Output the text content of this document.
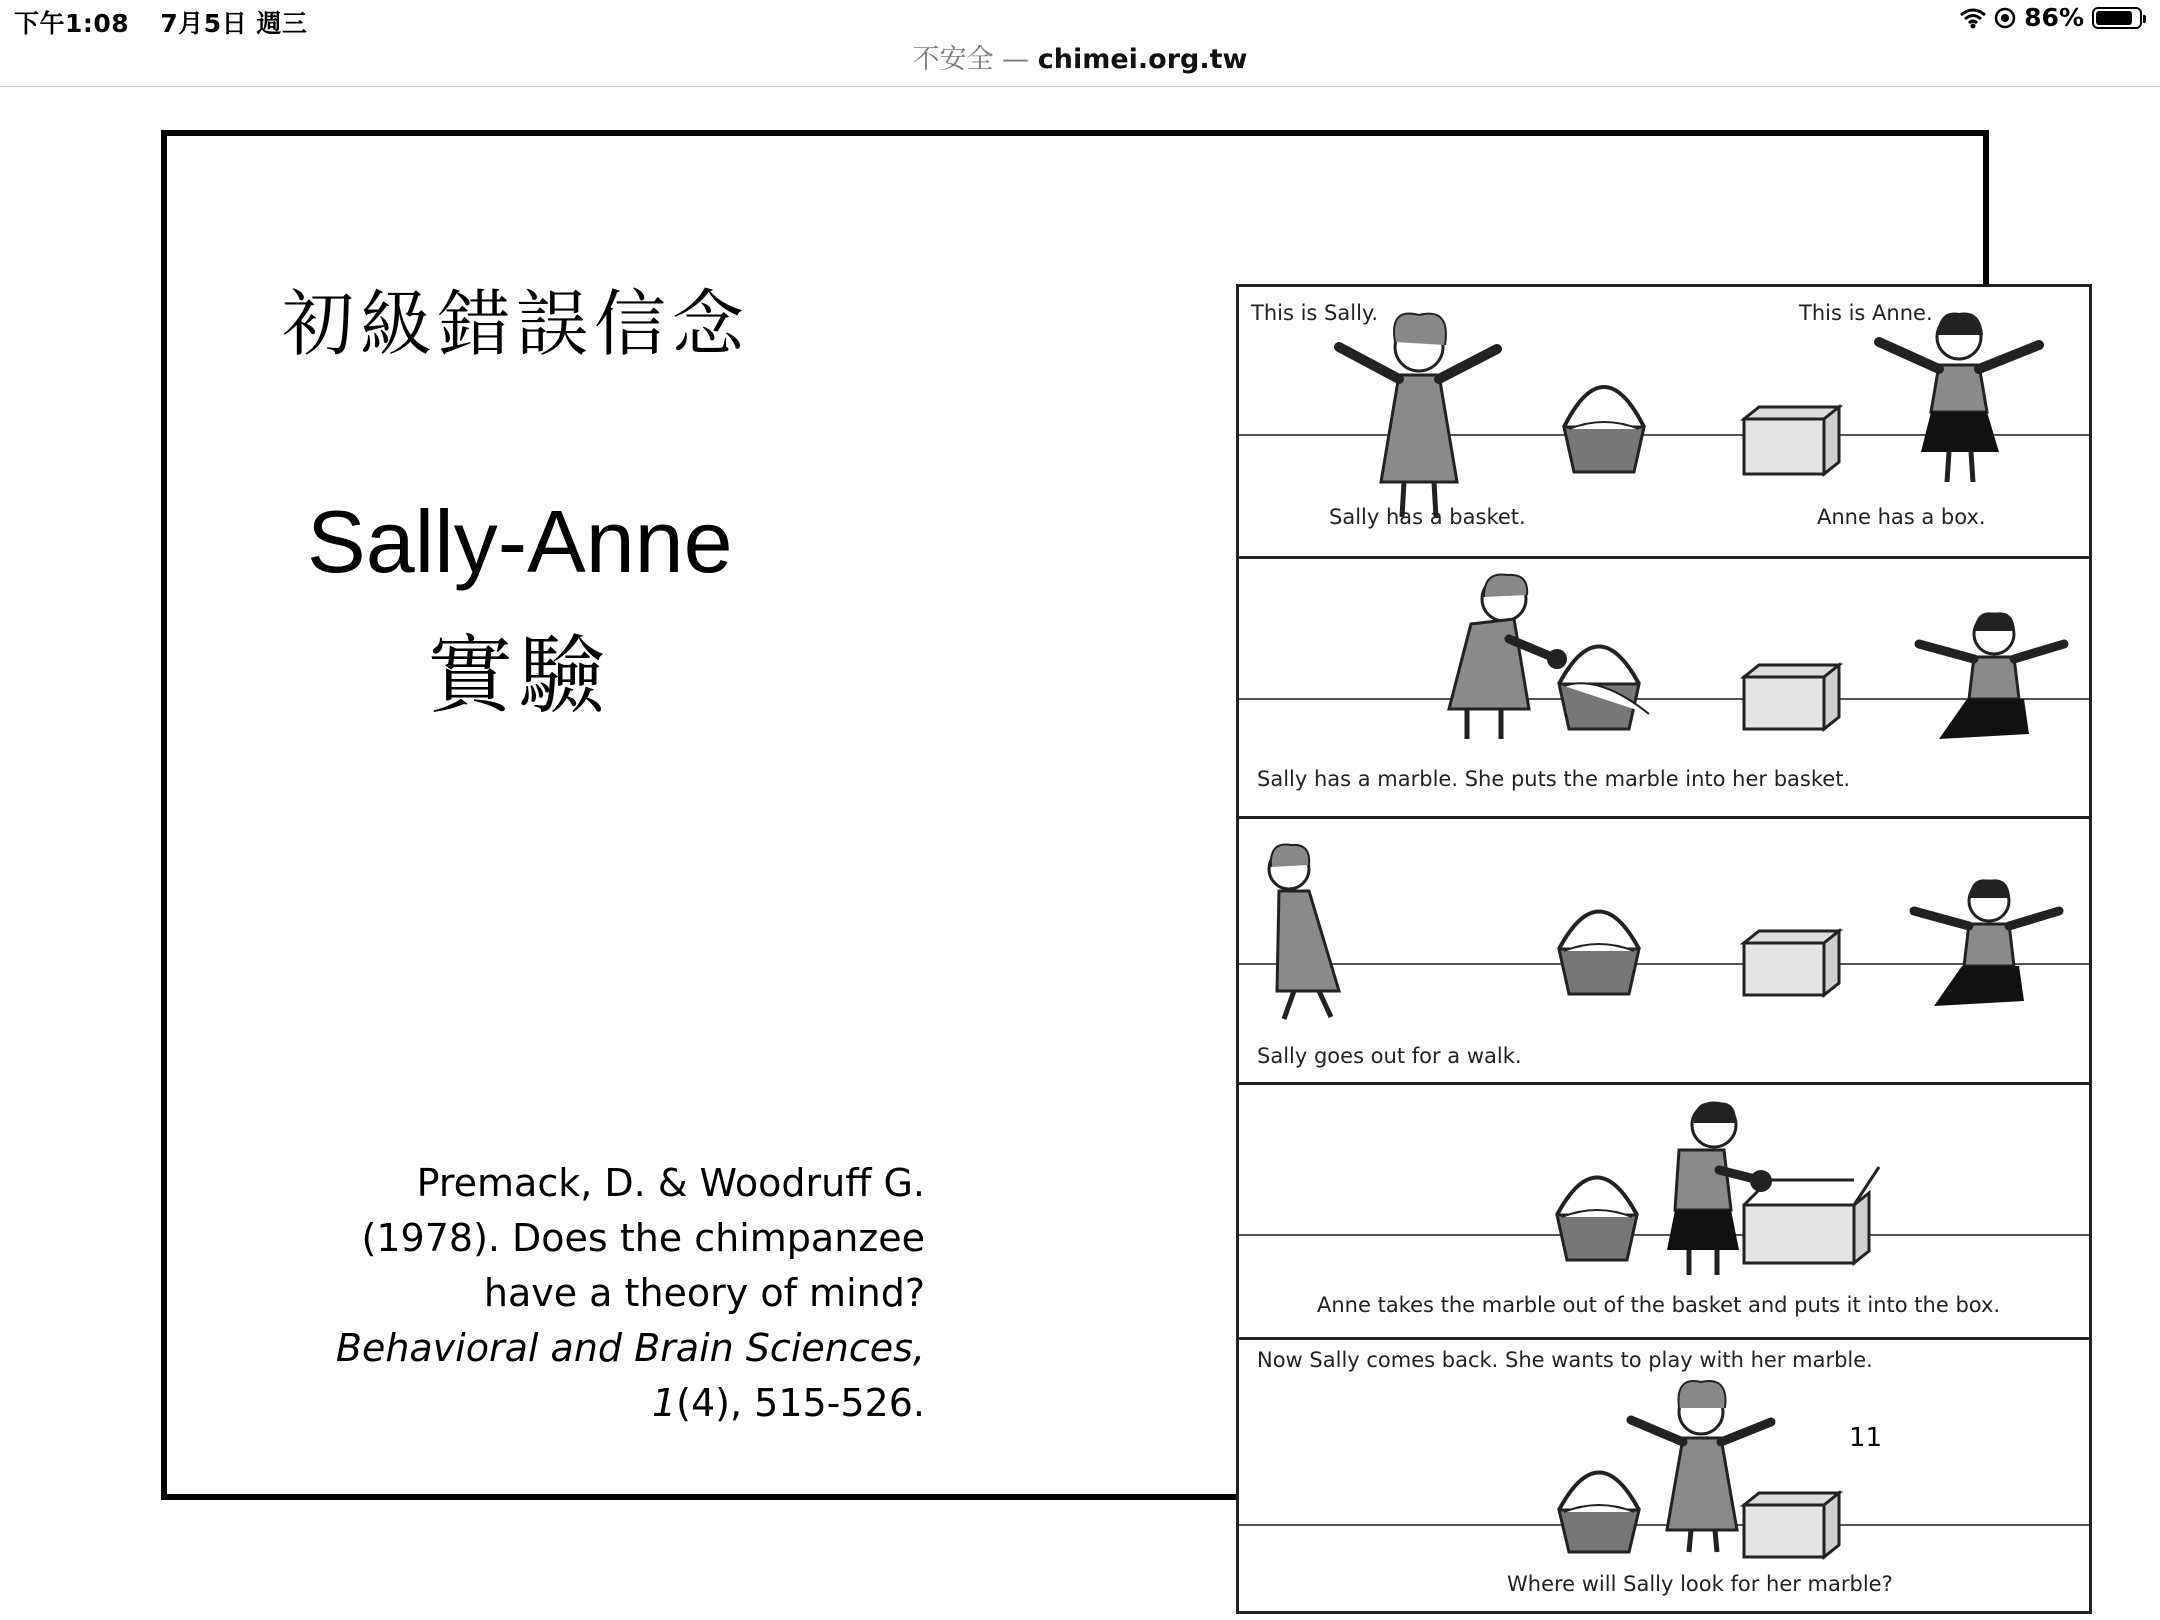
下午1:08 7月5日 週三	86%
不安全 — chimei.org.tw
初級錯誤信念
Sally-Anne
實驗
Premack, D. & Woodruff G.
(1978). Does the chimpanzee
have a theory of mind?
Behavioral and Brain Sciences,
1(4), 515-526.
This is Sally.	This is Anne.
Sally has a basket.	Anne has a box.
Sally has a marble. She puts the marble into her basket.
Sally goes out for a walk.
Anne takes the marble out of the basket and puts it into the box.
Now Sally comes back. She wants to play with her marble.
Where will Sally look for her marble?
11
